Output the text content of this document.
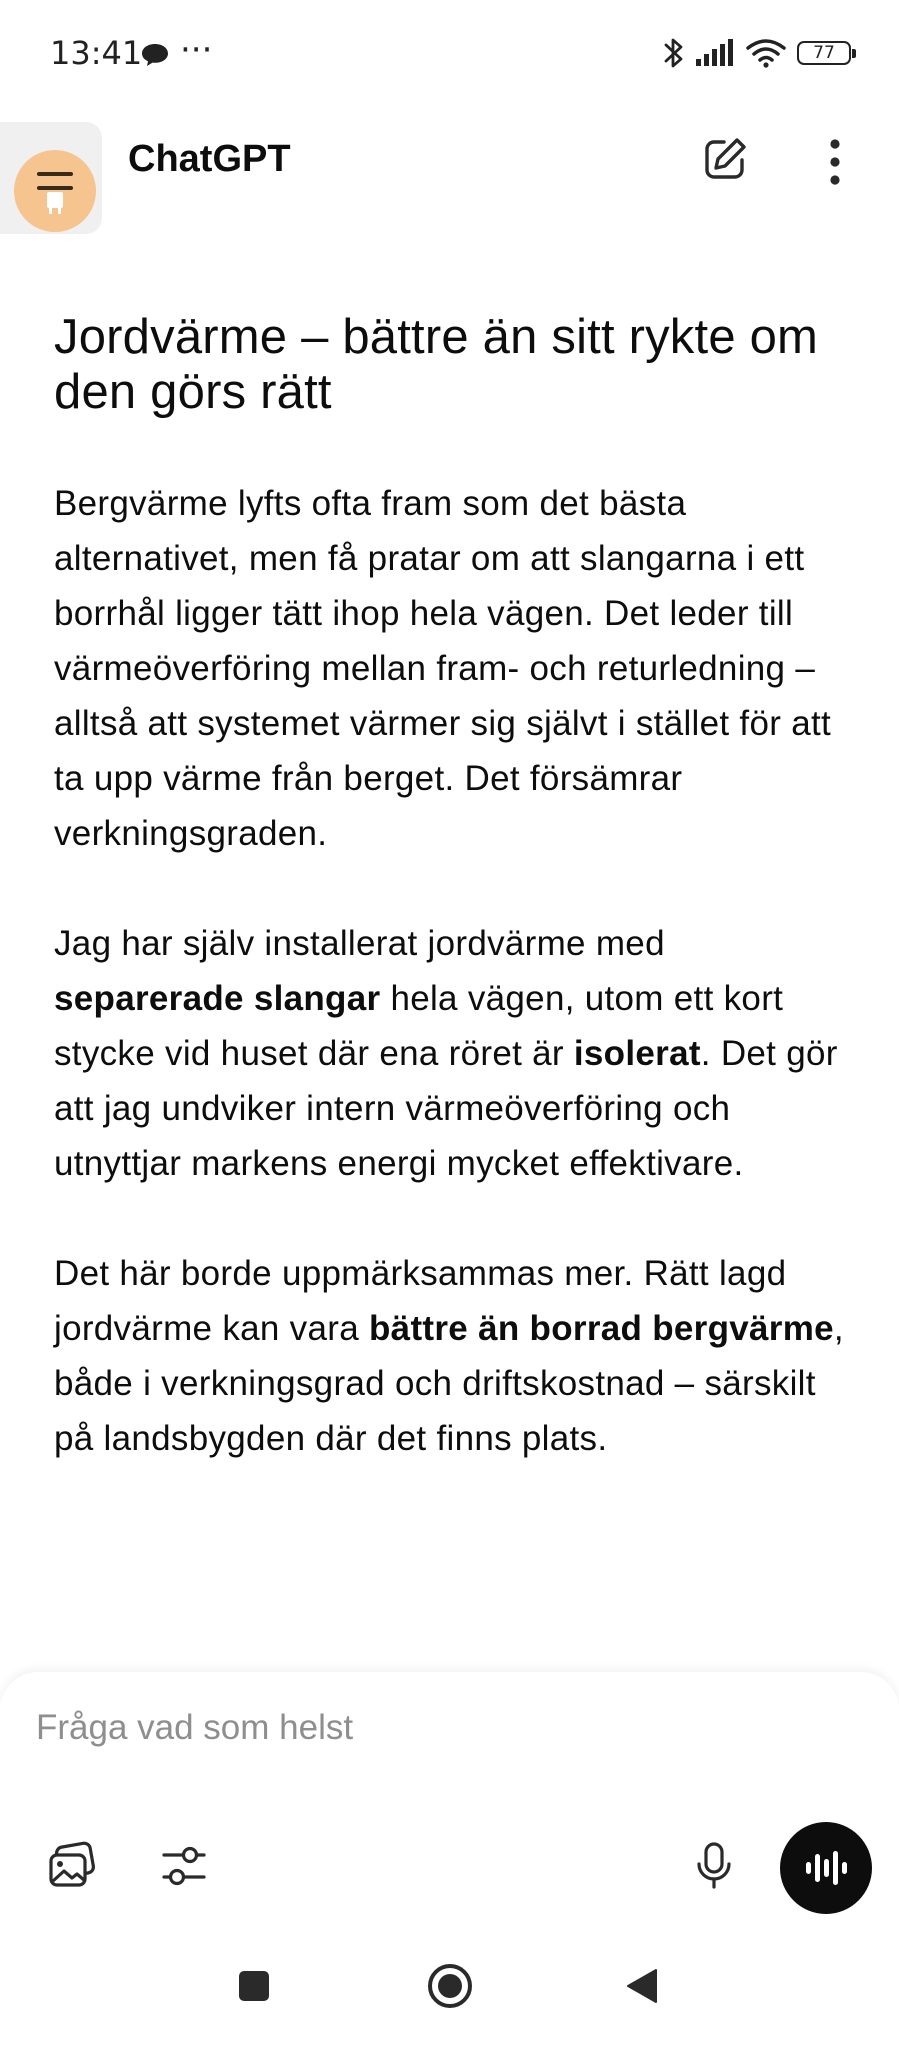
13:41 ···	77
ChatGPT
Jordvärme – bättre än sitt rykte om den görs rätt

Bergvärme lyfts ofta fram som det bästa alternativet, men få pratar om att slangarna i ett borrhål ligger tätt ihop hela vägen. Det leder till värmeöverföring mellan fram- och returledning – alltså att systemet värmer sig självt i stället för att ta upp värme från berget. Det försämrar verkningsgraden.

Jag har själv installerat jordvärme med separerade slangar hela vägen, utom ett kort stycke vid huset där ena röret är isolerat. Det gör att jag undviker intern värmeöverföring och utnyttjar markens energi mycket effektivare.

Det här borde uppmärksammas mer. Rätt lagd jordvärme kan vara bättre än borrad bergvärme, både i verkningsgrad och driftskostnad – särskilt på landsbygden där det finns plats.

Fråga vad som helst
